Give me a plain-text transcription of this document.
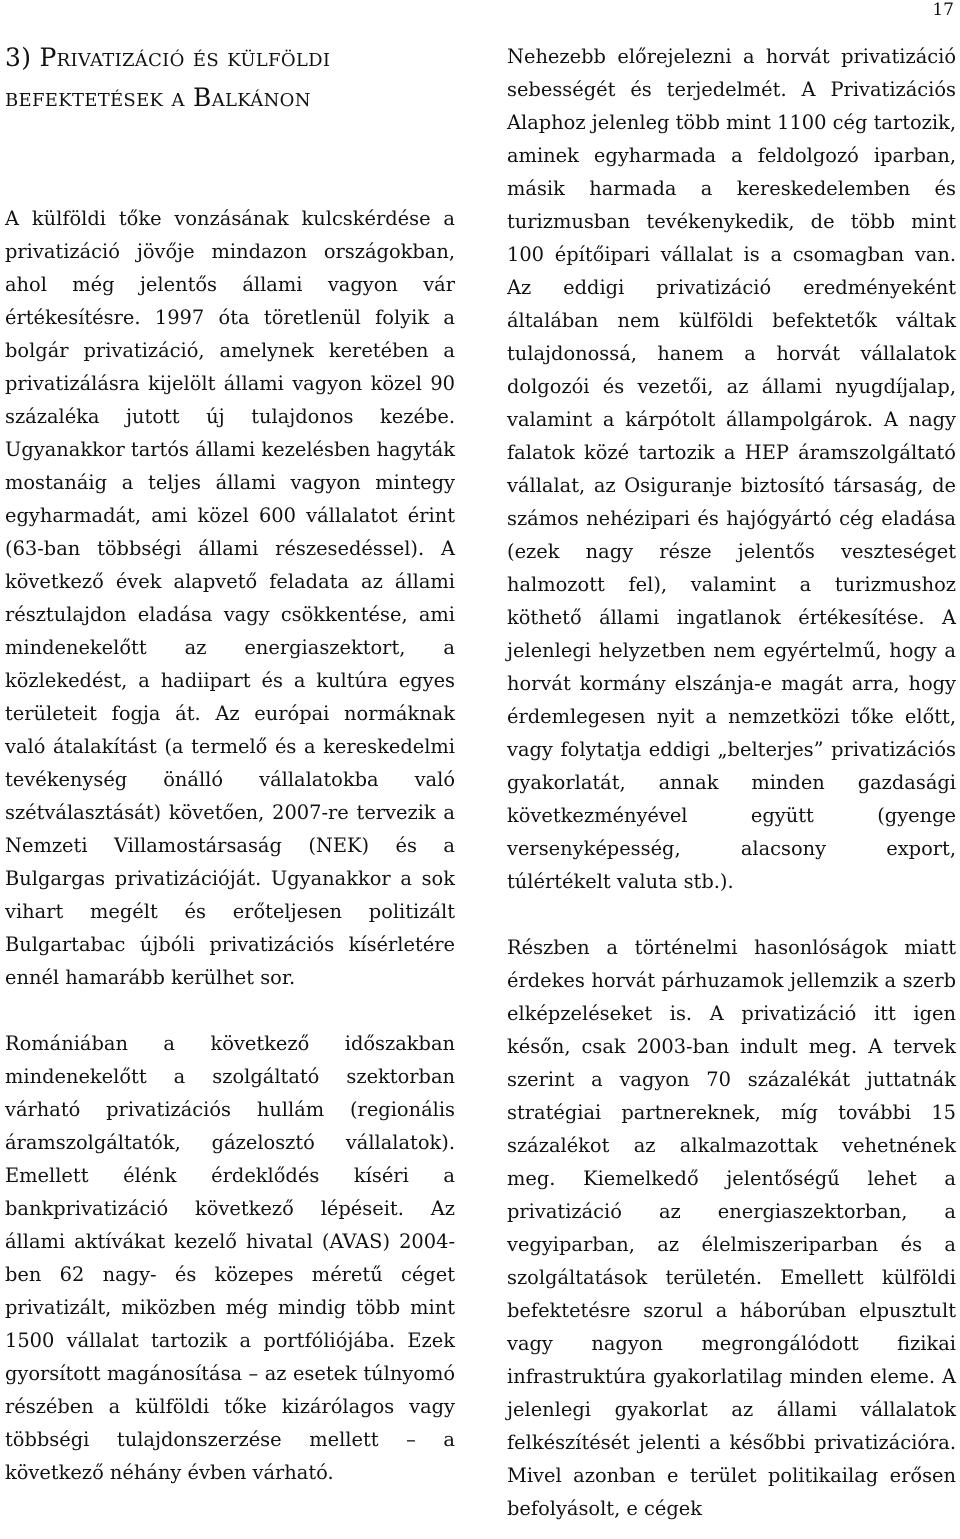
17
3) Privatizáció és külföldi befektetések a Balkánon

A külföldi tőke vonzásának kulcskérdése a privatizáció jövője mindazon országokban, ahol még jelentős állami vagyon vár értékesítésre. 1997 óta töretlenül folyik a bolgár privatizáció, amelynek keretében a privatizálásra kijelölt állami vagyon közel 90 százaléka jutott új tulajdonos kezébe. Ugyanakkor tartós állami kezelésben hagyták mostanáig a teljes állami vagyon mintegy egyharmadát, ami közel 600 vállalatot érint (63-ban többségi állami részesedéssel). A következő évek alapvető feladata az állami résztulajdon eladása vagy csökkentése, ami mindenekelőtt az energiaszektort, a közlekedést, a hadiipart és a kultúra egyes területeit fogja át. Az európai normáknak való átalakítást (a termelő és a kereskedelmi tevékenység önálló vállalatokba való szétválasztását) követően, 2007-re tervezik a Nemzeti Villamostársaság (NEK) és a Bulgargas privatizációját. Ugyanakkor a sok vihart megélt és erőteljesen politizált Bulgartabac újbóli privatizációs kísérletére ennél hamarább kerülhet sor.

Romániában a következő időszakban mindenekelőtt a szolgáltató szektorban várható privatizációs hullám (regionális áramszolgáltatók, gázelosztó vállalatok). Emellett élénk érdeklődés kíséri a bankprivatizáció következő lépéseit. Az állami aktívákat kezelő hivatal (AVAS) 2004-ben 62 nagy- és közepes méretű céget privatizált, miközben még mindig több mint 1500 vállalat tartozik a portfóliójába. Ezek gyorsított magánosítása – az esetek túlnyomó részében a külföldi tőke kizárólagos vagy többségi tulajdonszerzése mellett – a következő néhány évben várható.

Nehezebb előrejelezni a horvát privatizáció sebességét és terjedelmét. A Privatizációs Alaphoz jelenleg több mint 1100 cég tartozik, aminek egyharmada a feldolgozó iparban, másik harmada a kereskedelemben és turizmusban tevékenykedik, de több mint 100 építőipari vállalat is a csomagban van. Az eddigi privatizáció eredményeként általában nem külföldi befektetők váltak tulajdonossá, hanem a horvát vállalatok dolgozói és vezetői, az állami nyugdíjalap, valamint a kárpótolt állampolgárok. A nagy falatok közé tartozik a HEP áramszolgáltató vállalat, az Osiguranje biztosító társaság, de számos nehézipari és hajógyártó cég eladása (ezek nagy része jelentős veszteséget halmozott fel), valamint a turizmushoz köthető állami ingatlanok értékesítése. A jelenlegi helyzetben nem egyértelmű, hogy a horvát kormány elszánja-e magát arra, hogy érdemlegesen nyit a nemzetközi tőke előtt, vagy folytatja eddigi „belterjes” privatizációs gyakorlatát, annak minden gazdasági következményével együtt (gyenge versenyképesség, alacsony export, túlértékelt valuta stb.).

Részben a történelmi hasonlóságok miatt érdekes horvát párhuzamok jellemzik a szerb elképzeléseket is. A privatizáció itt igen későn, csak 2003-ban indult meg. A tervek szerint a vagyon 70 százalékát juttatnák stratégiai partnereknek, míg további 15 százalékot az alkalmazottak vehetnének meg. Kiemelkedő jelentőségű lehet a privatizáció az energiaszektorban, a vegyiparban, az élelmiszeriparban és a szolgáltatások területén. Emellett külföldi befektetésre szorul a háborúban elpusztult vagy nagyon megrongálódott fizikai infrastruktúra gyakorlatilag minden eleme. A jelenlegi gyakorlat az állami vállalatok felkészítését jelenti a későbbi privatizációra. Mivel azonban e terület politikailag erősen befolyásolt, e cégek
